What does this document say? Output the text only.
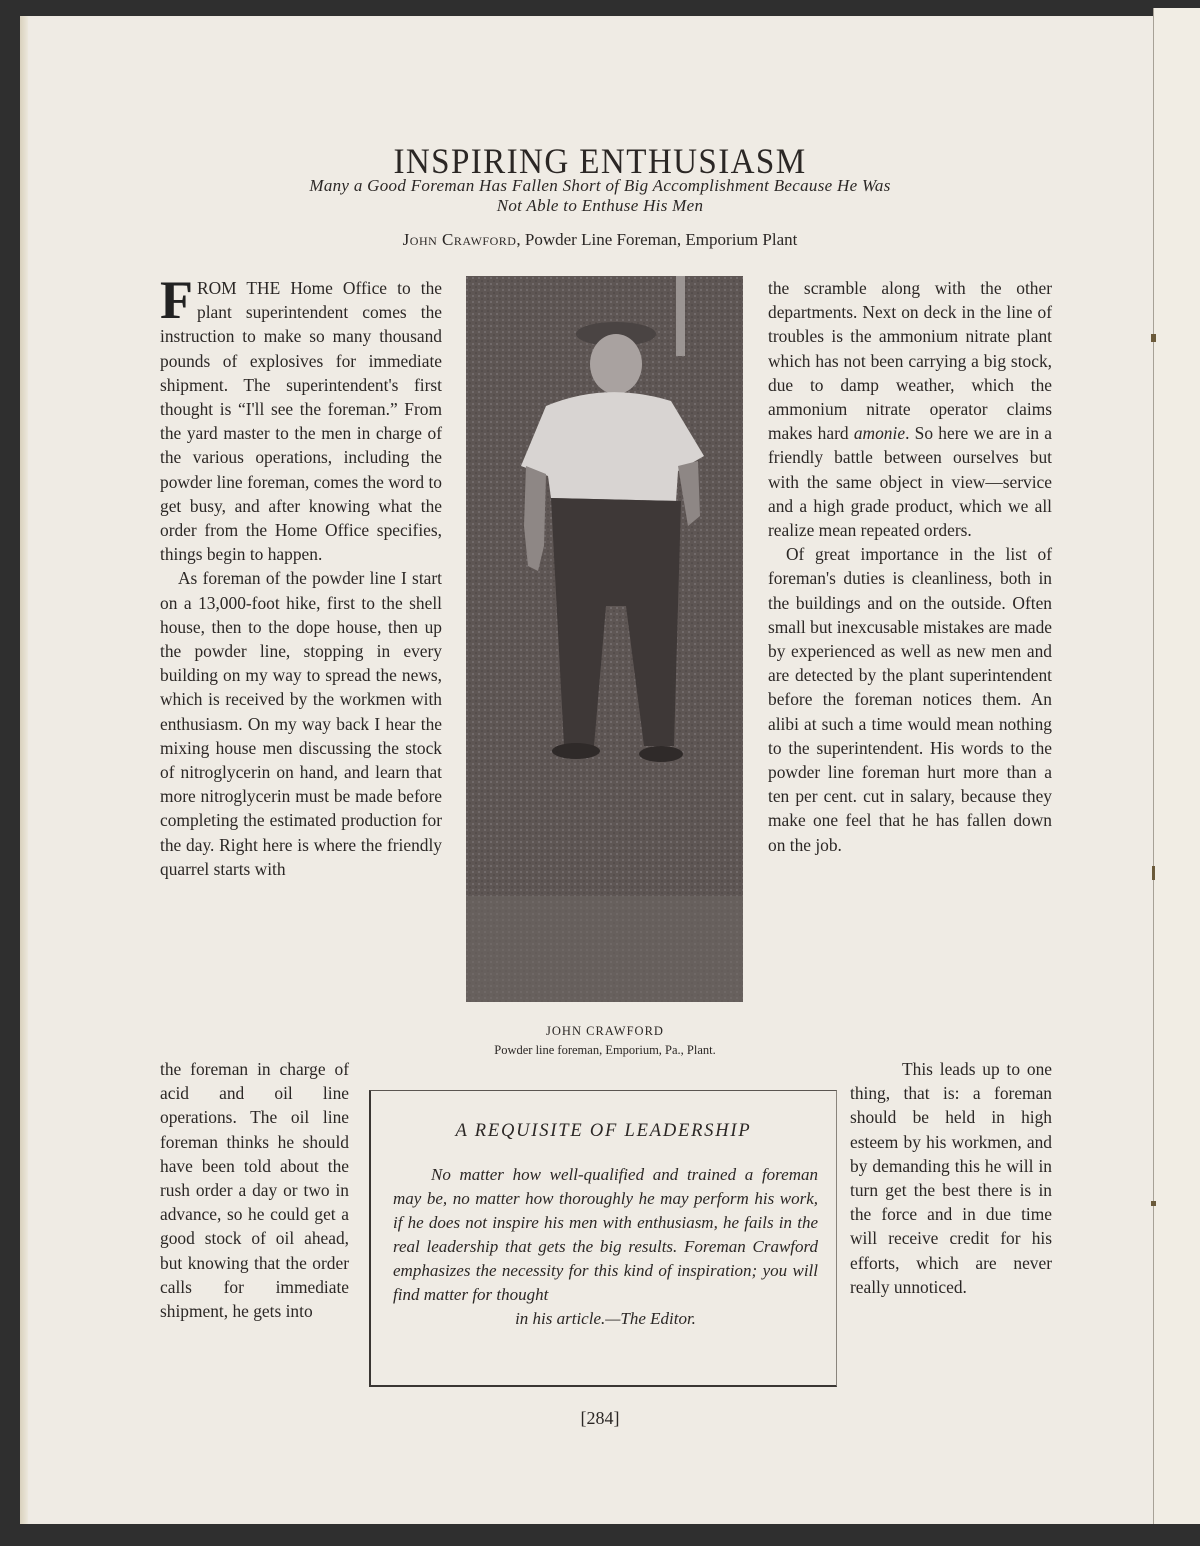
INSPIRING ENTHUSIASM
Many a Good Foreman Has Fallen Short of Big Accomplishment Because He Was
Not Able to Enthuse His Men
John Crawford, Powder Line Foreman, Emporium Plant

FROM THE Home Office to the plant superintendent comes the instruction to make so many thousand pounds of explosives for immediate shipment. The superintendent's first thought is “I'll see the foreman.” From the yard master to the men in charge of the various operations, including the powder line foreman, comes the word to get busy, and after knowing what the order from the Home Office specifies, things begin to happen.

As foreman of the powder line I start on a 13,000-foot hike, first to the shell house, then to the dope house, then up the powder line, stopping in every building on my way to spread the news, which is received by the workmen with enthusiasm. On my way back I hear the mixing house men discussing the stock of nitroglycerin on hand, and learn that more nitroglycerin must be made before completing the estimated production for the day. Right here is where the friendly quarrel starts with

the foreman in charge of acid and oil line operations. The oil line foreman thinks he should have been told about the rush order a day or two in advance, so he could get a good stock of oil ahead, but knowing that the order calls for immediate shipment, he gets into

JOHN CRAWFORD
Powder line foreman, Emporium, Pa., Plant.

the scramble along with the other departments. Next on deck in the line of troubles is the ammonium nitrate plant which has not been carrying a big stock, due to damp weather, which the ammonium nitrate operator claims makes hard amonie. So here we are in a friendly battle between ourselves but with the same object in view—service and a high grade product, which we all realize mean repeated orders.

Of great importance in the list of foreman's duties is cleanliness, both in the buildings and on the outside. Often small but inexcusable mistakes are made by experienced as well as new men and are detected by the plant superintendent before the foreman notices them. An alibi at such a time would mean nothing to the superintendent. His words to the powder line foreman hurt more than a ten per cent. cut in salary, because they make one feel that he has fallen down on the job.

This leads up to one thing, that is: a foreman should be held in high esteem by his workmen, and by demanding this he will in turn get the best there is in the force and in due time will receive credit for his efforts, which are never really unnoticed.

A REQUISITE OF LEADERSHIP
No matter how well-qualified and trained a foreman may be, no matter how thoroughly he may perform his work, if he does not inspire his men with enthusiasm, he fails in the real leadership that gets the big results. Foreman Crawford emphasizes the necessity for this kind of inspiration; you will find matter for thought
in his article.—The Editor.
[284]
